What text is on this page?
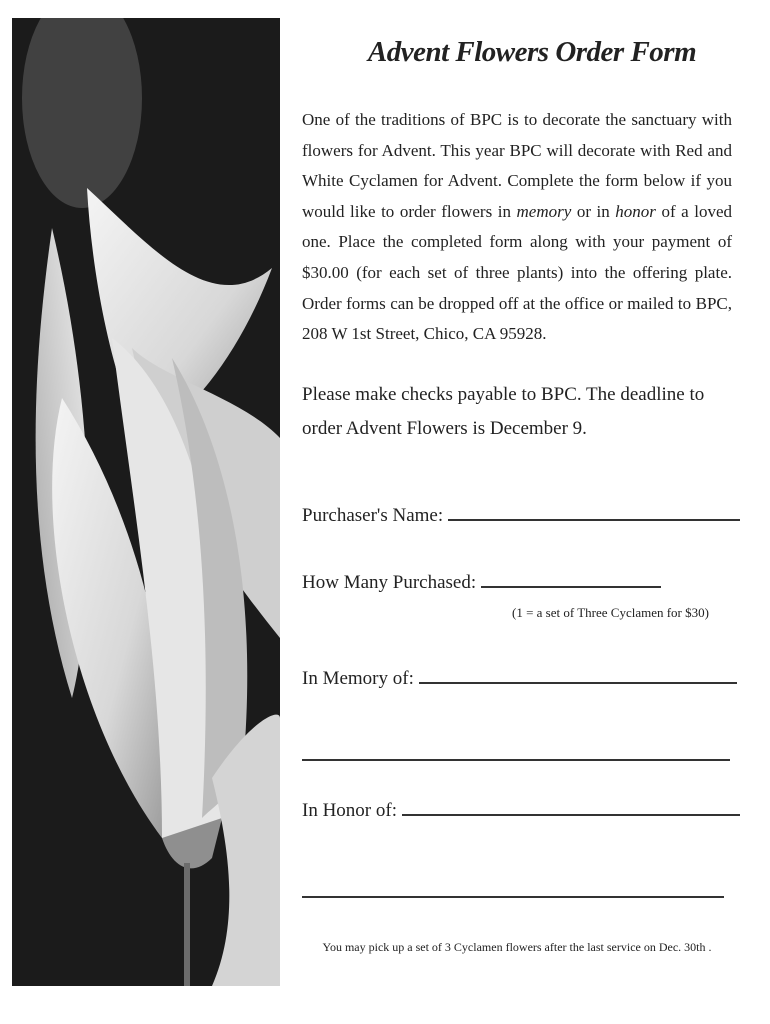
Advent Flowers Order Form

One of the traditions of BPC is to decorate the sanctuary with flowers for Advent. This year BPC will decorate with Red and White Cyclamen for Advent. Complete the form below if you would like to order flowers in memory or in honor of a loved one. Place the completed form along with your payment of $30.00 (for each set of three plants) into the offering plate. Order forms can be dropped off at the office or mailed to BPC, 208 W 1st Street, Chico, CA 95928.

Please make checks payable to BPC. The deadline to order Advent Flowers is December 9.

Purchaser's Name:
How Many Purchased:
(1 = a set of Three Cyclamen for $30)
In Memory of:
In Honor of:
You may pick up a set of 3 Cyclamen flowers after the last service on Dec. 30th .
